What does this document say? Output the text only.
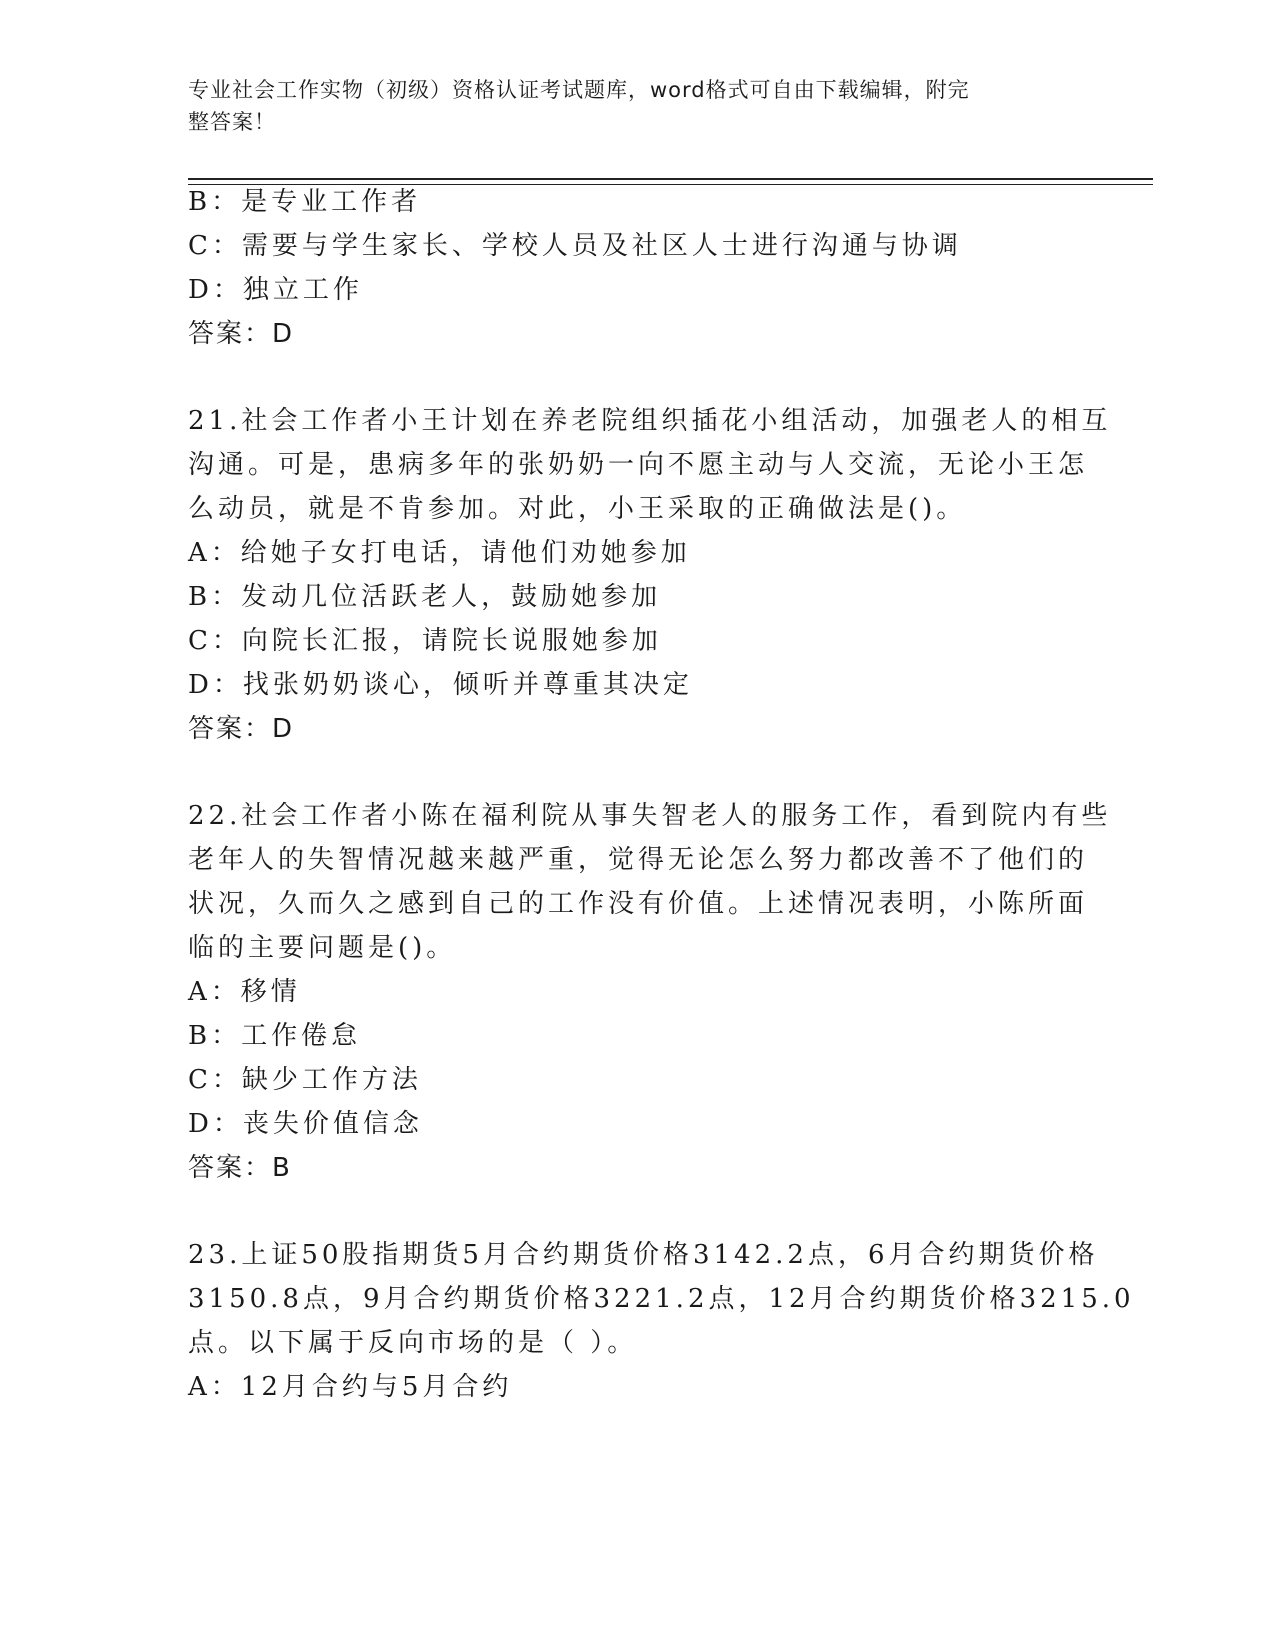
专业社会工作实物（初级）资格认证考试题库，word格式可自由下载编辑，附完
整答案！
B：是专业工作者
C：需要与学生家长、学校人员及社区人士进行沟通与协调
D：独立工作
答案：D
21.社会工作者小王计划在养老院组织插花小组活动，加强老人的相互
沟通。可是，患病多年的张奶奶一向不愿主动与人交流，无论小王怎
么动员，就是不肯参加。对此，小王采取的正确做法是()。
A：给她子女打电话，请他们劝她参加
B：发动几位活跃老人，鼓励她参加
C：向院长汇报，请院长说服她参加
D：找张奶奶谈心，倾听并尊重其决定
答案：D
22.社会工作者小陈在福利院从事失智老人的服务工作，看到院内有些
老年人的失智情况越来越严重，觉得无论怎么努力都改善不了他们的
状况，久而久之感到自己的工作没有价值。上述情况表明，小陈所面
临的主要问题是()。
A：移情
B：工作倦怠
C：缺少工作方法
D：丧失价值信念
答案：B
23.上证50股指期货5月合约期货价格3142.2点，6月合约期货价格
3150.8点，9月合约期货价格3221.2点，12月合约期货价格3215.0
点。以下属于反向市场的是（ ）。
A：12月合约与5月合约
